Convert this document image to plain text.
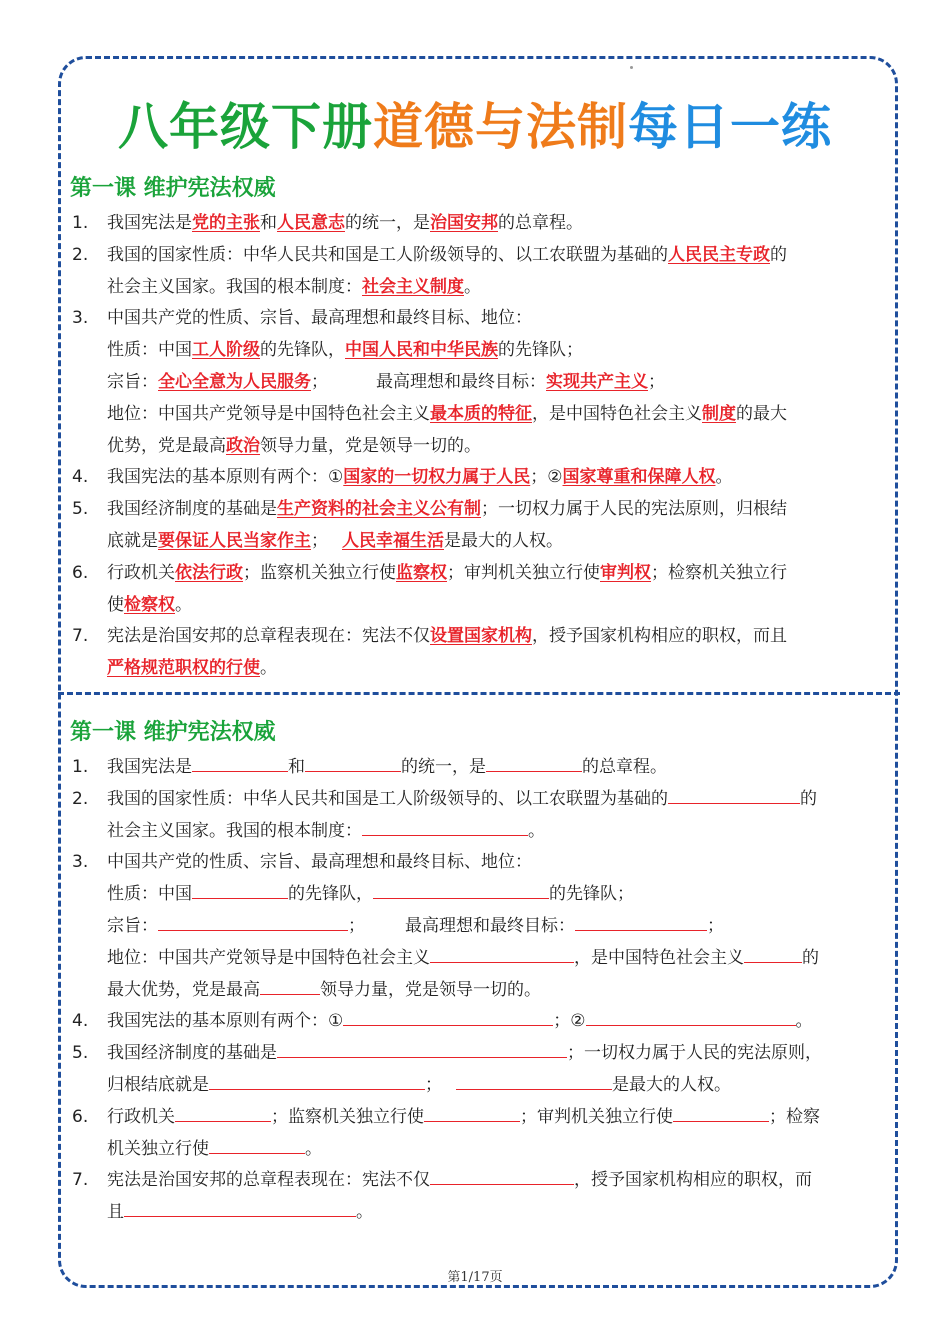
八年级下册道德与法制每日一练
第一课 维护宪法权威
1. 我国宪法是党的主张和人民意志的统一，是治国安邦的总章程。
2. 我国的国家性质：中华人民共和国是工人阶级领导的、以工农联盟为基础的人民民主专政的
社会主义国家。我国的根本制度：社会主义制度。
3. 中国共产党的性质、宗旨、最高理想和最终目标、地位：
性质：中国工人阶级的先锋队，中国人民和中华民族的先锋队；
宗旨：全心全意为人民服务；	最高理想和最终目标：实现共产主义；
地位：中国共产党领导是中国特色社会主义最本质的特征，是中国特色社会主义制度的最大
优势，党是最高政治领导力量，党是领导一切的。
4. 我国宪法的基本原则有两个：①国家的一切权力属于人民；②国家尊重和保障人权。
5. 我国经济制度的基础是生产资料的社会主义公有制；一切权力属于人民的宪法原则，归根结
底就是要保证人民当家作主； 人民幸福生活是最大的人权。
6. 行政机关依法行政；监察机关独立行使监察权；审判机关独立行使审判权；检察机关独立行
使检察权。
7. 宪法是治国安邦的总章程表现在：宪法不仅设置国家机构，授予国家机构相应的职权，而且
严格规范职权的行使。
第一课 维护宪法权威
1. 我国宪法是	和	的统一，是	的总章程。
2. 我国的国家性质：中华人民共和国是工人阶级领导的、以工农联盟为基础的	的
社会主义国家。我国的根本制度：	。
3. 中国共产党的性质、宗旨、最高理想和最终目标、地位：
性质：中国	的先锋队，	的先锋队；
宗旨：	； 最高理想和最终目标：	；
地位：中国共产党领导是中国特色社会主义	，是中国特色社会主义	的
最大优势，党是最高	领导力量，党是领导一切的。
4. 我国宪法的基本原则有两个：①	；②	。
5. 我国经济制度的基础是	；一切权力属于人民的宪法原则，
归根结底就是	；	是最大的人权。
6. 行政机关	；监察机关独立行使	；审判机关独立行使	；检察
机关独立行使	。
7. 宪法是治国安邦的总章程表现在：宪法不仅	，授予国家机构相应的职权，而
且	。
第1/17页
